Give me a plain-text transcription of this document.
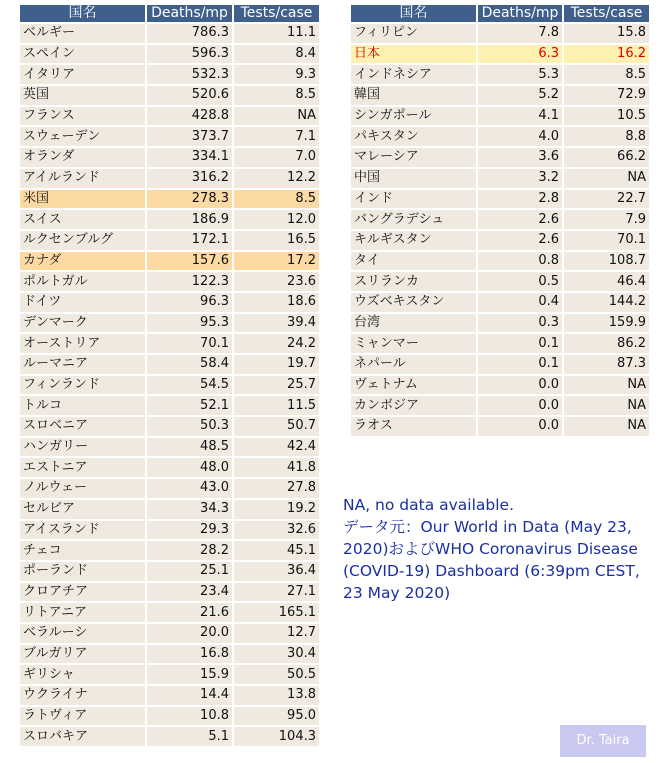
国名	Deaths/mp	Tests/case
ベルギー	786.3	11.1
スペイン	596.3	8.4
イタリア	532.3	9.3
英国	520.6	8.5
フランス	428.8	NA
スウェーデン	373.7	7.1
オランダ	334.1	7.0
アイルランド	316.2	12.2
米国	278.3	8.5
スイス	186.9	12.0
ルクセンブルグ	172.1	16.5
カナダ	157.6	17.2
ポルトガル	122.3	23.6
ドイツ	96.3	18.6
デンマーク	95.3	39.4
オーストリア	70.1	24.2
ルーマニア	58.4	19.7
フィンランド	54.5	25.7
トルコ	52.1	11.5
スロベニア	50.3	50.7
ハンガリー	48.5	42.4
エストニア	48.0	41.8
ノルウェー	43.0	27.8
セルビア	34.3	19.2
アイスランド	29.3	32.6
チェコ	28.2	45.1
ポーランド	25.1	36.4
クロアチア	23.4	27.1
リトアニア	21.6	165.1
ベラルーシ	20.0	12.7
ブルガリア	16.8	30.4
ギリシャ	15.9	50.5
ウクライナ	14.4	13.8
ラトヴィア	10.8	95.0
スロバキア	5.1	104.3
国名	Deaths/mp	Tests/case
フィリピン	7.8	15.8
日本	6.3	16.2
インドネシア	5.3	8.5
韓国	5.2	72.9
シンガポール	4.1	10.5
パキスタン	4.0	8.8
マレーシア	3.6	66.2
中国	3.2	NA
インド	2.8	22.7
バングラデシュ	2.6	7.9
キルギスタン	2.6	70.1
タイ	0.8	108.7
スリランカ	0.5	46.4
ウズベキスタン	0.4	144.2
台湾	0.3	159.9
ミャンマー	0.1	86.2
ネパール	0.1	87.3
ヴェトナム	0.0	NA
カンボジア	0.0	NA
ラオス	0.0	NA
NA, no data available.
データ元：Our World in Data (May 23, 2020)およびWHO Coronavirus Disease (COVID-19) Dashboard (6:39pm CEST, 23 May 2020)
Dr. Taira
